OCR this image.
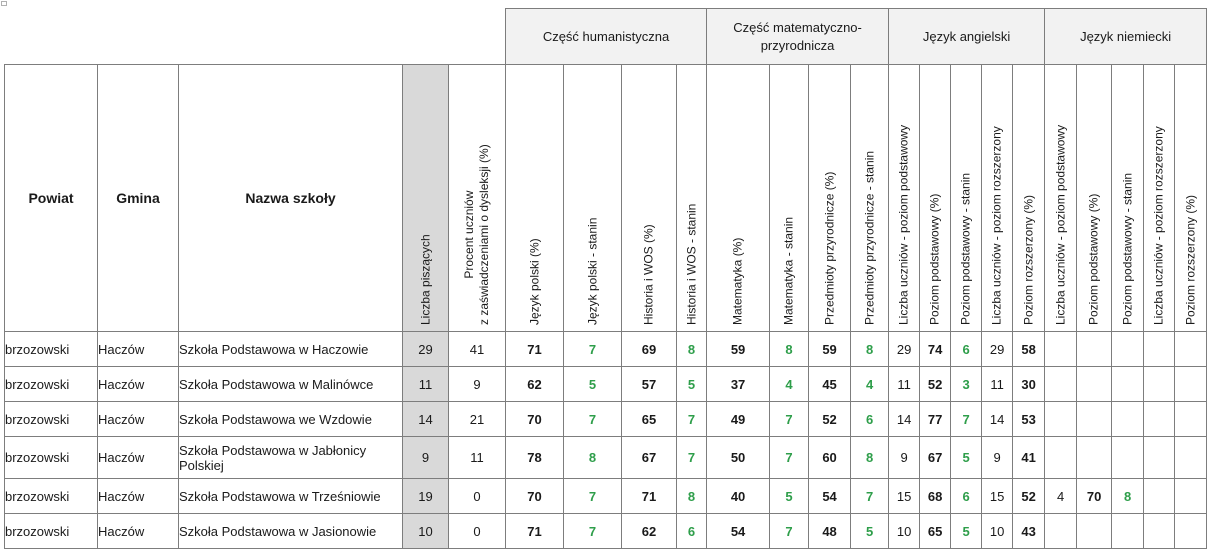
					Część humanistyczna				Część matematyczno-
przyrodnicza				Język angielski					Język niemiecki				
Powiat	Gmina	Nazwa szkoły	Liczba piszących	Procent uczniów
z zaświadczeniami o dysleksji (%)	Język polski (%)	Język polski - stanin	Historia i WOS (%)	Historia i WOS - stanin	Matematyka (%)	Matematyka - stanin	Przedmioty przyrodnicze (%)	Przedmioty przyrodnicze - stanin	Liczba uczniów - poziom podstawowy	Poziom podstawowy (%)	Poziom podstawowy - stanin	Liczba uczniów - poziom rozszerzony	Poziom rozszerzony (%)	Liczba uczniów - poziom podstawowy	Poziom podstawowy (%)	Poziom podstawowy - stanin	Liczba uczniów - poziom rozszerzony	Poziom rozszerzony (%)

brzozowski	Haczów	Szkoła Podstawowa w Haczowie	29	41	71	7	69	8	59	8	59	8	29	74	6	29	58					
brzozowski	Haczów	Szkoła Podstawowa w Malinówce	11	9	62	5	57	5	37	4	45	4	11	52	3	11	30					
brzozowski	Haczów	Szkoła Podstawowa we Wzdowie	14	21	70	7	65	7	49	7	52	6	14	77	7	14	53					
brzozowski	Haczów	Szkoła Podstawowa w Jabłonicy Polskiej	9	11	78	8	67	7	50	7	60	8	9	67	5	9	41					
brzozowski	Haczów	Szkoła Podstawowa w Trześniowie	19	0	70	7	71	8	40	5	54	7	15	68	6	15	52	4	70	8		
brzozowski	Haczów	Szkoła Podstawowa w Jasionowie	10	0	71	7	62	6	54	7	48	5	10	65	5	10	43					
